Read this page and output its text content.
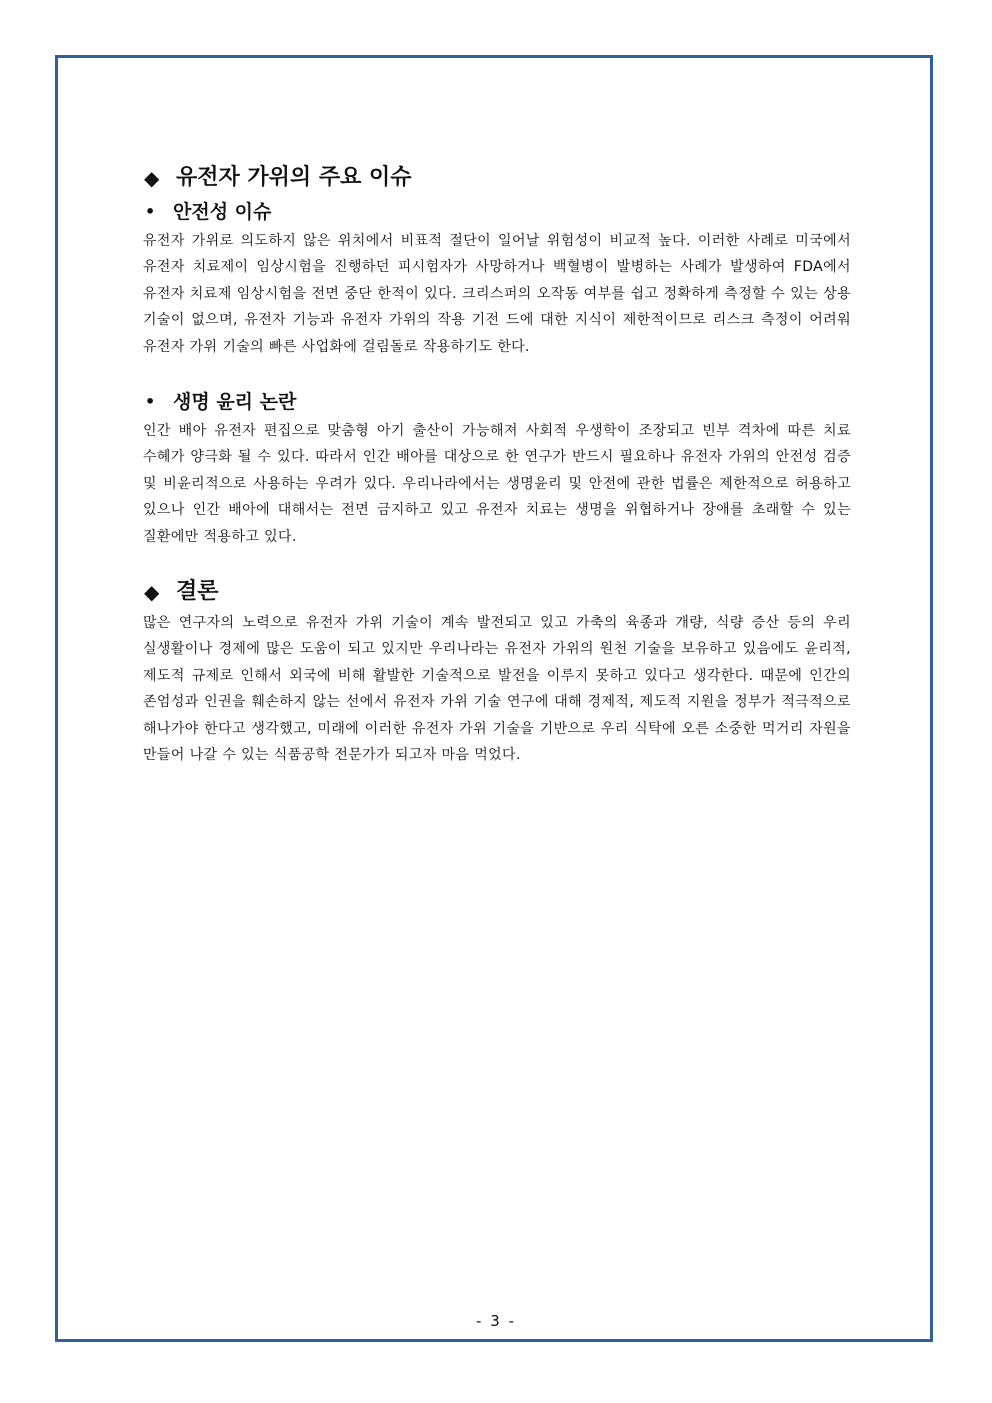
◆ 유전자 가위의 주요 이슈
• 안전성 이슈

유전자 가위로 의도하지 않은 위치에서 비표적 절단이 일어날 위험성이 비교적 높다. 이러한 사례로 미국에서 유전자 치료제이 임상시험을 진행하던 피시험자가 사망하거나 백혈병이 발병하는 사례가 발생하여 FDA에서 유전자 치료제 임상시험을 전면 중단 한적이 있다. 크리스퍼의 오작동 여부를 쉽고 정확하게 측정할 수 있는 상용 기술이 없으며, 유전자 기능과 유전자 가위의 작용 기전 드에 대한 지식이 제한적이므로 리스크 측정이 어려워 유전자 가위 기술의 빠른 사업화에 걸림돌로 작용하기도 한다.

• 생명 윤리 논란

인간 배아 유전자 편집으로 맞춤형 아기 출산이 가능해져 사회적 우생학이 조장되고 빈부 격차에 따른 치료 수혜가 양극화 될 수 있다. 따라서 인간 배아를 대상으로 한 연구가 반드시 필요하나 유전자 가위의 안전성 검증 및 비윤리적으로 사용하는 우려가 있다. 우리나라에서는 생명윤리 및 안전에 관한 법률은 제한적으로 허용하고 있으나 인간 배아에 대해서는 전면 금지하고 있고 유전자 치료는 생명을 위협하거나 장애를 초래할 수 있는 질환에만 적용하고 있다.

◆ 결론

많은 연구자의 노력으로 유전자 가위 기술이 계속 발전되고 있고 가축의 육종과 개량, 식량 증산 등의 우리 실생활이나 경제에 많은 도움이 되고 있지만 우리나라는 유전자 가위의 원천 기술을 보유하고 있음에도 윤리적, 제도적 규제로 인해서 외국에 비해 활발한 기술적으로 발전을 이루지 못하고 있다고 생각한다. 때문에 인간의 존엄성과 인권을 훼손하지 않는 선에서 유전자 가위 기술 연구에 대해 경제적, 제도적 지원을 정부가 적극적으로 해나가야 한다고 생각했고, 미래에 이러한 유전자 가위 기술을 기반으로 우리 식탁에 오른 소중한 먹거리 자원을 만들어 나갈 수 있는 식품공학 전문가가 되고자 마음 먹었다.

- 3 -
